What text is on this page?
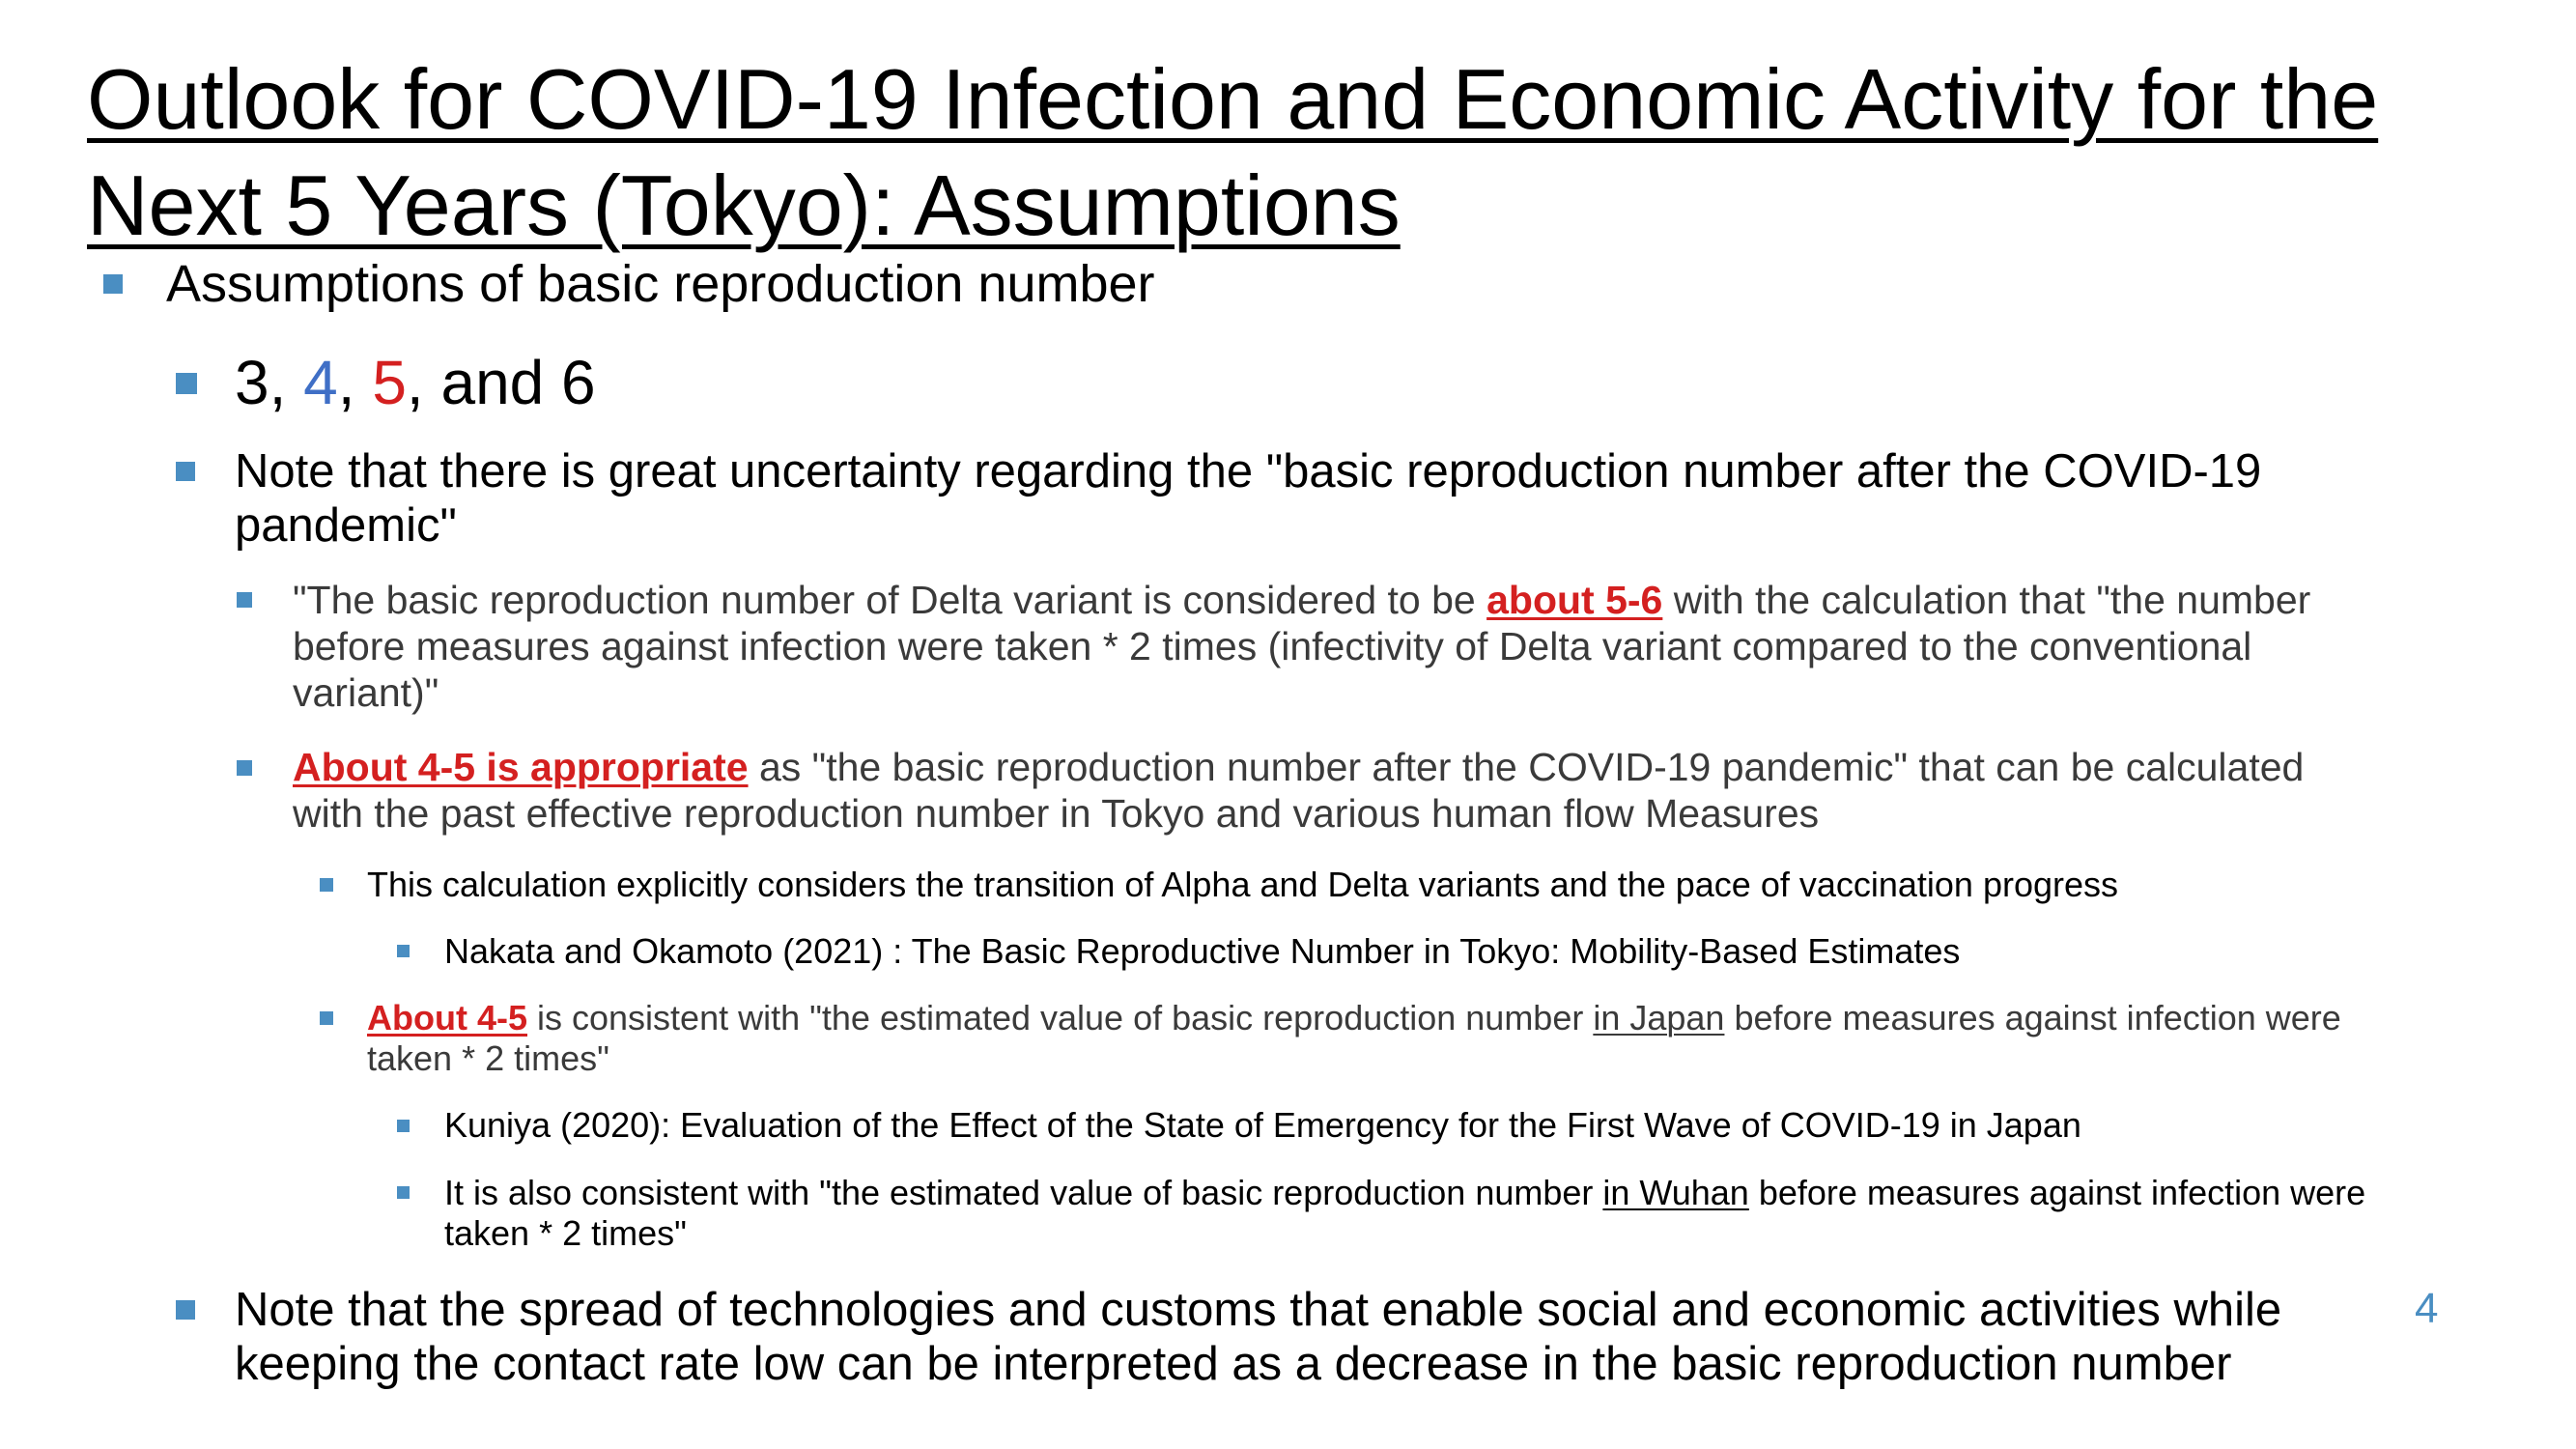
Outlook for COVID-19 Infection and Economic Activity for the Next 5 Years (Tokyo): Assumptions
Assumptions of basic reproduction number
3, 4, 5, and 6
Note that there is great uncertainty regarding the "basic reproduction number after the COVID-19 pandemic"
"The basic reproduction number of Delta variant is considered to be about 5-6 with the calculation that "the number before measures against infection were taken * 2 times (infectivity of Delta variant compared to the conventional variant)"
About 4-5 is appropriate as "the basic reproduction number after the COVID-19 pandemic" that can be calculated with the past effective reproduction number in Tokyo and various human flow Measures
This calculation explicitly considers the transition of Alpha and Delta variants and the pace of vaccination progress
Nakata and Okamoto (2021) : The Basic Reproductive Number in Tokyo: Mobility-Based Estimates
About 4-5 is consistent with "the estimated value of basic reproduction number in Japan before measures against infection were taken * 2 times"
Kuniya (2020): Evaluation of the Effect of the State of Emergency for the First Wave of COVID-19 in Japan
It is also consistent with "the estimated value of basic reproduction number in Wuhan before measures against infection were taken * 2 times"
Note that the spread of technologies and customs that enable social and economic activities while keeping the contact rate low can be interpreted as a decrease in the basic reproduction number
4
